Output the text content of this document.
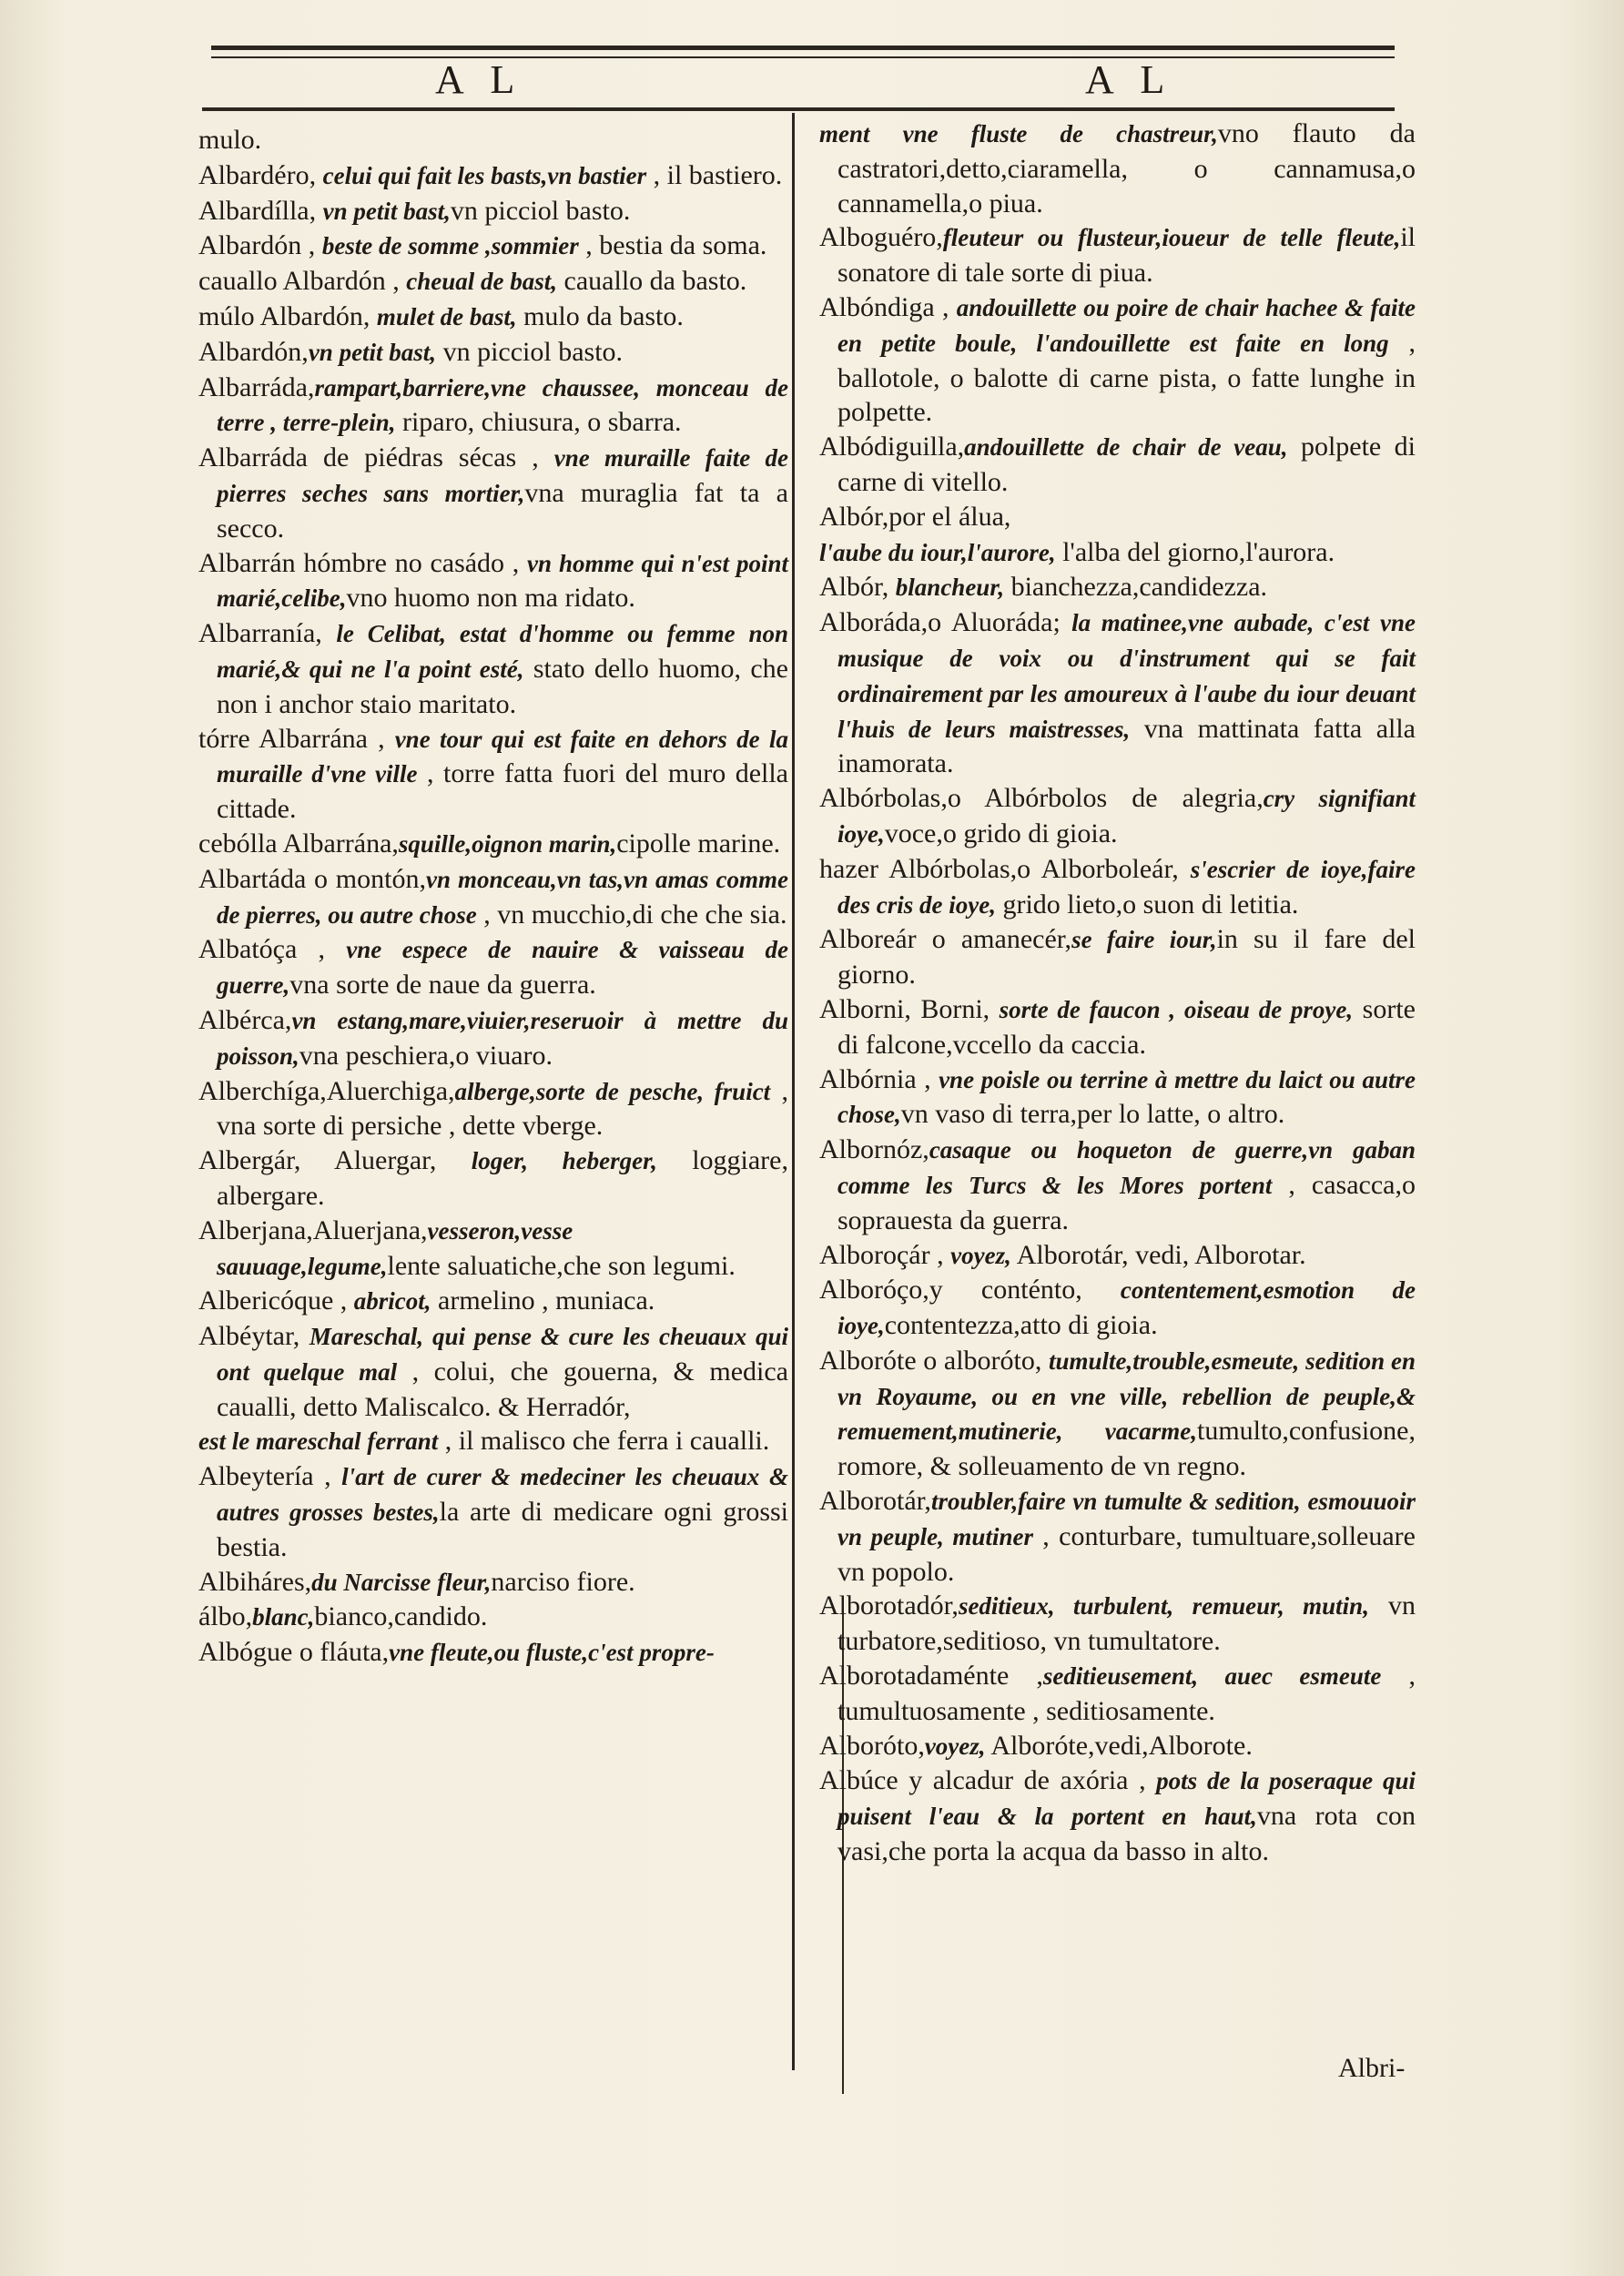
A L	A L

mulo.

Albardéro, celui qui fait les basts,vn bastier , il bastiero.

Albardílla, vn petit bast,vn picciol basto.

Albardón , beste de somme ,sommier , bestia da soma.

cauallo Albardón , cheual de bast, cauallo da basto.

múlo Albardón, mulet de bast, mulo da basto.

Albardón,vn petit bast, vn picciol basto.

Albarráda,rampart,barriere,vne chaussee, monceau de terre , terre-plein, riparo, chiusura, o sbarra.

Albarráda de piédras sécas , vne muraille faite de pierres seches sans mortier,vna muraglia fat ta a secco.

Albarrán hómbre no casádo , vn homme qui n'est point marié,celibe,vno huomo non ma ridato.

Albarranía, le Celibat, estat d'homme ou femme non marié,& qui ne l'a point esté, stato dello huomo, che non i anchor staio maritato.

tórre Albarrána , vne tour qui est faite en dehors de la muraille d'vne ville , torre fatta fuori del muro della cittade.

cebólla Albarrána,squille,oignon marin,cipolle marine.

Albartáda o montón,vn monceau,vn tas,vn amas comme de pierres, ou autre chose , vn mucchio,di che che sia.

Albatóça , vne espece de nauire & vaisseau de guerre,vna sorte de naue da guerra.

Albérca,vn estang,mare,viuier,reseruoir à mettre du poisson,vna peschiera,o viuaro.

Alberchíga,Aluerchiga,alberge,sorte de pesche, fruict , vna sorte di persiche , dette vberge.

Albergár, Aluergar, loger, heberger, loggiare, albergare.

Alberjana,Aluerjana,vesseron,vesse sauuage,legume,lente saluatiche,che son legumi.

Albericóque , abricot, armelino , muniaca.

Albéytar, Mareschal, qui pense & cure les cheuaux qui ont quelque mal , colui, che gouerna, & medica caualli, detto Maliscalco. & Herradór,

est le mareschal ferrant , il malisco che ferra i caualli.

Albeytería , l'art de curer & medeciner les cheuaux & autres grosses bestes,la arte di medicare ogni grossi bestia.

Albiháres,du Narcisse fleur,narciso fiore.

álbo,blanc,bianco,candido.

Albógue o fláuta,vne fleute,ou fluste,c'est propre-

ment vne fluste de chastreur,vno flauto da castratori,detto,ciaramella, o cannamusa,o cannamella,o piua.

Alboguéro,fleuteur ou flusteur,ioueur de telle fleute,il sonatore di tale sorte di piua.

Albóndiga , andouillette ou poire de chair hachee & faite en petite boule, l'andouillette est faite en long , ballotole, o balotte di carne pista, o fatte lunghe in polpette.

Albódiguilla,andouillette de chair de veau, polpete di carne di vitello.

Albór,por el álua,

l'aube du iour,l'aurore, l'alba del giorno,l'aurora.

Albór, blancheur, bianchezza,candidezza.

Alboráda,o Aluoráda; la matinee,vne aubade, c'est vne musique de voix ou d'instrument qui se fait ordinairement par les amoureux à l'aube du iour deuant l'huis de leurs maistresses, vna mattinata fatta alla inamorata.

Albórbolas,o Albórbolos de alegria,cry signifiant ioye,voce,o grido di gioia.

hazer Albórbolas,o Alborboleár, s'escrier de ioye,faire des cris de ioye, grido lieto,o suon di letitia.

Alboreár o amanecér,se faire iour,in su il fare del giorno.

Alborni, Borni, sorte de faucon , oiseau de proye, sorte di falcone,vccello da caccia.

Albórnia , vne poisle ou terrine à mettre du laict ou autre chose,vn vaso di terra,per lo latte, o altro.

Albornóz,casaque ou hoqueton de guerre,vn gaban comme les Turcs & les Mores portent , casacca,o soprauesta da guerra.

Alboroçár , voyez, Alborotár, vedi, Alborotar.

Alboróço,y conténto, contentement,esmotion de ioye,contentezza,atto di gioia.

Alboróte o alboróto, tumulte,trouble,esmeute, sedition en vn Royaume, ou en vne ville, rebellion de peuple,& remuement,mutinerie, vacarme,tumulto,confusione, romore, & solleuamento de vn regno.

Alborotár,troubler,faire vn tumulte & sedition, esmouuoir vn peuple, mutiner , conturbare, tumultuare,solleuare vn popolo.

Alborotadór,seditieux, turbulent, remueur, mutin, vn turbatore,seditioso, vn tumultatore.

Alborotadaménte ,seditieusement, auec esmeute , tumultuosamente , seditiosamente.

Alboróto,voyez, Alboróte,vedi,Alborote.

Albúce y alcadur de axória , pots de la poseraque qui puisent l'eau & la portent en haut,vna rota con vasi,che porta la acqua da basso in alto.

Albri-
